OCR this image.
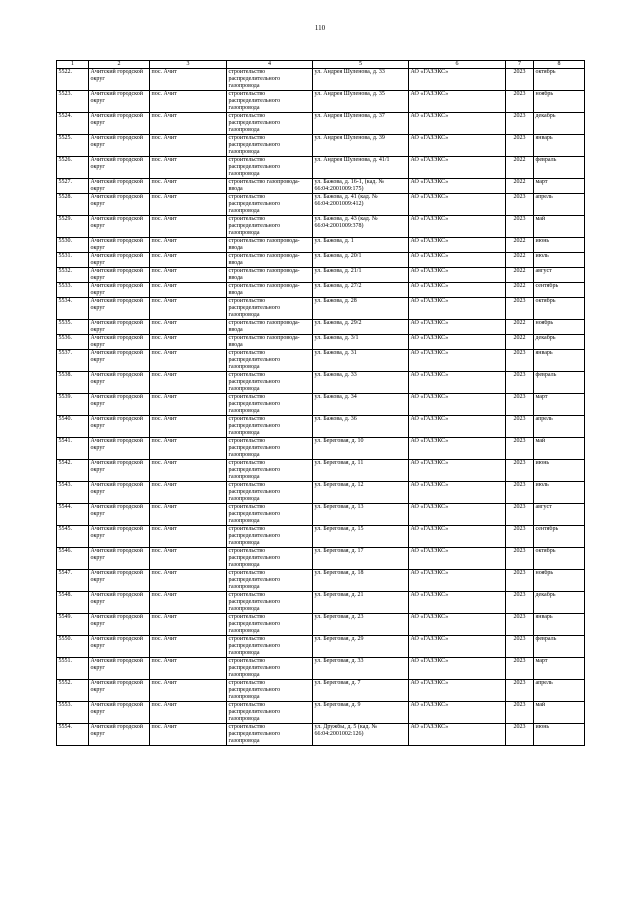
110
1	2	3	4	5	6	7	8
5522.	Ачитский городской округ	пос. Ачит	строительство распределительного газопровода	ул. Андрея Шуленова, д. 33	АО «ГАЗЭКС»	2023	октябрь
5523.	Ачитский городской округ	пос. Ачит	строительство распределительного газопровода	ул. Андрея Шуленова, д. 35	АО «ГАЗЭКС»	2023	ноябрь
5524.	Ачитский городской округ	пос. Ачит	строительство распределительного газопровода	ул. Андрея Шуленова, д. 37	АО «ГАЗЭКС»	2023	декабрь
5525.	Ачитский городской округ	пос. Ачит	строительство распределительного газопровода	ул. Андрея Шуленова, д. 39	АО «ГАЗЭКС»	2023	январь
5526.	Ачитский городской округ	пос. Ачит	строительство распределительного газопровода	ул. Андрея Шуленова, д. 41/1	АО «ГАЗЭКС»	2022	февраль
5527.	Ачитский городской округ	пос. Ачит	строительство газопровода-ввода	ул. Бажова, д. 16-1, (кад. № 66:04:2001009:175)	АО «ГАЗЭКС»	2022	март
5528.	Ачитский городской округ	пос. Ачит	строительство распределительного газопровода	ул. Бажова, д. 41 (кад. № 66:04:2001009:412)	АО «ГАЗЭКС»	2023	апрель
5529.	Ачитский городской округ	пос. Ачит	строительство распределительного газопровода	ул. Бажова, д. 43 (кад. № 66:04:2001009:378)	АО «ГАЗЭКС»	2023	май
5530.	Ачитский городской округ	пос. Ачит	строительство газопровода-ввода	ул. Бажова, д. 1	АО «ГАЗЭКС»	2022	июнь
5531.	Ачитский городской округ	пос. Ачит	строительство газопровода-ввода	ул. Бажова, д. 20/1	АО «ГАЗЭКС»	2022	июль
5532.	Ачитский городской округ	пос. Ачит	строительство газопровода-ввода	ул. Бажова, д. 21/1	АО «ГАЗЭКС»	2022	август
5533.	Ачитский городской округ	пос. Ачит	строительство газопровода-ввода	ул. Бажова, д. 27/2	АО «ГАЗЭКС»	2022	сентябрь
5534.	Ачитский городской округ	пос. Ачит	строительство распределительного газопровода	ул. Бажова, д. 28	АО «ГАЗЭКС»	2023	октябрь
5535.	Ачитский городской округ	пос. Ачит	строительство газопровода-ввода	ул. Бажова, д. 29/2	АО «ГАЗЭКС»	2022	ноябрь
5536.	Ачитский городской округ	пос. Ачит	строительство газопровода-ввода	ул. Бажова, д. 3/1	АО «ГАЗЭКС»	2022	декабрь
5537.	Ачитский городской округ	пос. Ачит	строительство распределительного газопровода	ул. Бажова, д. 31	АО «ГАЗЭКС»	2023	январь
5538.	Ачитский городской округ	пос. Ачит	строительство распределительного газопровода	ул. Бажова, д. 33	АО «ГАЗЭКС»	2023	февраль
5539.	Ачитский городской округ	пос. Ачит	строительство распределительного газопровода	ул. Бажова, д. 34	АО «ГАЗЭКС»	2023	март
5540.	Ачитский городской округ	пос. Ачит	строительство распределительного газопровода	ул. Бажова, д. 36	АО «ГАЗЭКС»	2023	апрель
5541.	Ачитский городской округ	пос. Ачит	строительство распределительного газопровода	ул. Береговая, д. 10	АО «ГАЗЭКС»	2023	май
5542.	Ачитский городской округ	пос. Ачит	строительство распределительного газопровода	ул. Береговая, д. 11	АО «ГАЗЭКС»	2023	июнь
5543.	Ачитский городской округ	пос. Ачит	строительство распределительного газопровода	ул. Береговая, д. 12	АО «ГАЗЭКС»	2023	июль
5544.	Ачитский городской округ	пос. Ачит	строительство распределительного газопровода	ул. Береговая, д. 13	АО «ГАЗЭКС»	2023	август
5545.	Ачитский городской округ	пос. Ачит	строительство распределительного газопровода	ул. Береговая, д. 15	АО «ГАЗЭКС»	2023	сентябрь
5546.	Ачитский городской округ	пос. Ачит	строительство распределительного газопровода	ул. Береговая, д. 17	АО «ГАЗЭКС»	2023	октябрь
5547.	Ачитский городской округ	пос. Ачит	строительство распределительного газопровода	ул. Береговая, д. 18	АО «ГАЗЭКС»	2023	ноябрь
5548.	Ачитский городской округ	пос. Ачит	строительство распределительного газопровода	ул. Береговая, д. 21	АО «ГАЗЭКС»	2023	декабрь
5549.	Ачитский городской округ	пос. Ачит	строительство распределительного газопровода	ул. Береговая, д. 23	АО «ГАЗЭКС»	2023	январь
5550.	Ачитский городской округ	пос. Ачит	строительство распределительного газопровода	ул. Береговая, д. 29	АО «ГАЗЭКС»	2023	февраль
5551.	Ачитский городской округ	пос. Ачит	строительство распределительного газопровода	ул. Береговая, д. 33	АО «ГАЗЭКС»	2023	март
5552.	Ачитский городской округ	пос. Ачит	строительство распределительного газопровода	ул. Береговая, д. 7	АО «ГАЗЭКС»	2023	апрель
5553.	Ачитский городской округ	пос. Ачит	строительство распределительного газопровода	ул. Береговая, д. 9	АО «ГАЗЭКС»	2023	май
5554.	Ачитский городской округ	пос. Ачит	строительство распределительного газопровода	ул. Дружбы, д. 5 (кад. № 66:04:2001002:126)	АО «ГАЗЭКС»	2023	июнь
